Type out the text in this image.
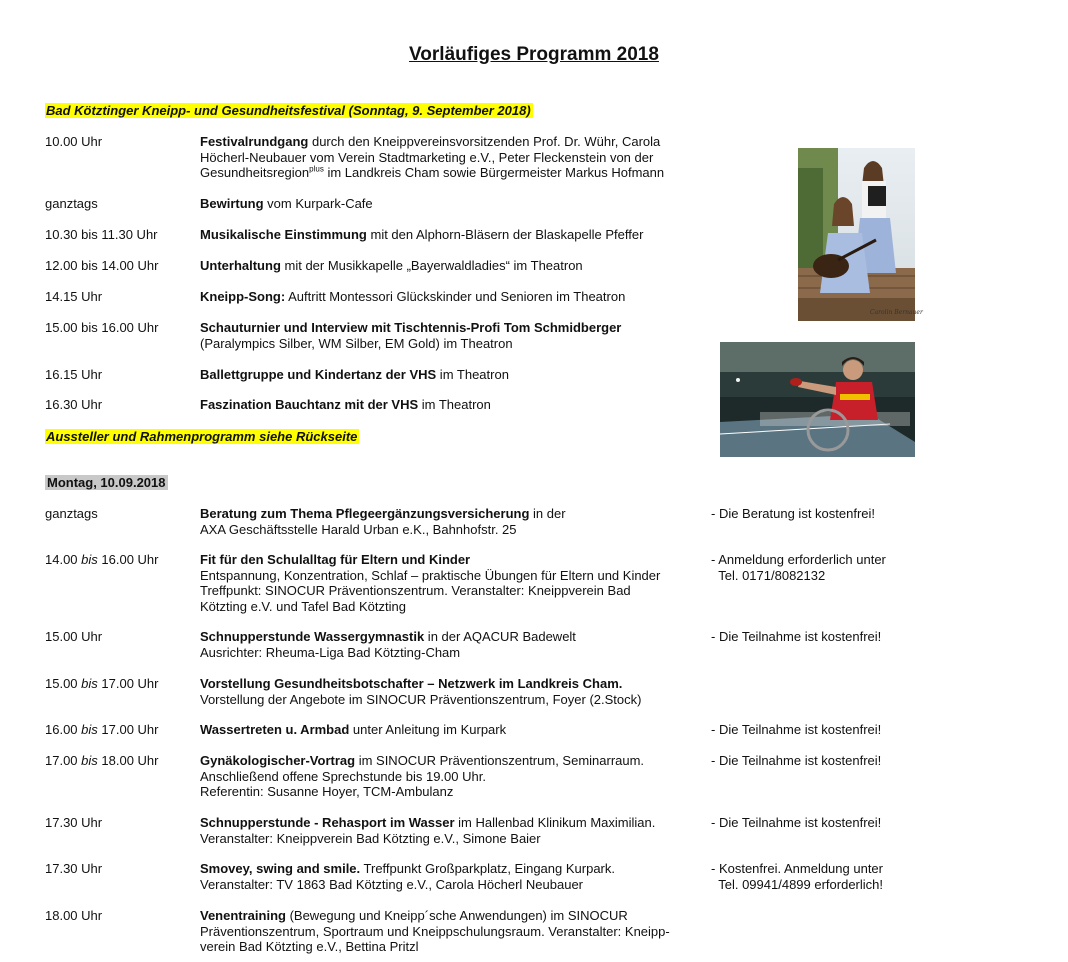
Vorläufiges Programm 2018
Bad Kötztinger Kneipp- und Gesundheitsfestival (Sonntag, 9. September 2018)
10.00 Uhr	Festivalrundgang durch den Kneippvereinsvorsitzenden Prof. Dr. Wühr, Carola Höcherl-Neubauer vom Verein Stadtmarketing e.V., Peter Fleckenstein von der Gesundheitsregion$^{plus}$ im Landkreis Cham sowie Bürgermeister Markus Hofmann
ganztags	Bewirtung vom Kurpark-Cafe
10.30 bis 11.30 Uhr	Musikalische Einstimmung mit den Alphorn-Bläsern der Blaskapelle Pfeffer
12.00 bis 14.00 Uhr	Unterhaltung mit der Musikkapelle „Bayerwaldladies“ im Theatron
14.15 Uhr	Kneipp-Song: Auftritt Montessori Glückskinder und Senioren im Theatron
15.00 bis 16.00 Uhr	Schauturnier und Interview mit Tischtennis-Profi Tom Schmidberger
(Paralympics Silber, WM Silber, EM Gold) im Theatron
16.15 Uhr	Ballettgruppe und Kindertanz der VHS im Theatron
16.30 Uhr	Faszination Bauchtanz mit der VHS im Theatron
Aussteller und Rahmenprogramm siehe Rückseite
Carolin Bernauer
Montag, 10.09.2018
ganztags	Beratung zum Thema Pflegeergänzungsversicherung in der
AXA Geschäftsstelle Harald Urban e.K., Bahnhofstr. 25
- Die Beratung ist kostenfrei!
14.00 bis 16.00 Uhr	Fit für den Schulalltag für Eltern und Kinder
Entspannung, Konzentration, Schlaf – praktische Übungen für Eltern und Kinder
Treffpunkt: SINOCUR Präventionszentrum. Veranstalter: Kneippverein Bad
Kötzting e.V. und Tafel Bad Kötzting
- Anmeldung erforderlich unter
Tel. 0171/8082132
15.00 Uhr	Schnupperstunde Wassergymnastik in der AQACUR Badewelt
Ausrichter: Rheuma-Liga Bad Kötzting-Cham
- Die Teilnahme ist kostenfrei!
15.00 bis 17.00 Uhr	Vorstellung Gesundheitsbotschafter – Netzwerk im Landkreis Cham.
Vorstellung der Angebote im SINOCUR Präventionszentrum, Foyer (2.Stock)
16.00 bis 17.00 Uhr	Wassertreten u. Armbad unter Anleitung im Kurpark	- Die Teilnahme ist kostenfrei!
17.00 bis 18.00 Uhr	Gynäkologischer-Vortrag im SINOCUR Präventionszentrum, Seminarraum.
Anschließend offene Sprechstunde bis 19.00 Uhr.
Referentin: Susanne Hoyer, TCM-Ambulanz
- Die Teilnahme ist kostenfrei!
17.30 Uhr	Schnupperstunde - Rehasport im Wasser im Hallenbad Klinikum Maximilian.
Veranstalter: Kneippverein Bad Kötzting e.V., Simone Baier
- Die Teilnahme ist kostenfrei!
17.30 Uhr	Smovey, swing and smile. Treffpunkt Großparkplatz, Eingang Kurpark.
Veranstalter: TV 1863 Bad Kötzting e.V., Carola Höcherl Neubauer
- Kostenfrei. Anmeldung unter
Tel. 09941/4899 erforderlich!
18.00 Uhr	Venentraining (Bewegung und Kneipp´sche Anwendungen) im SINOCUR
Präventionszentrum, Sportraum und Kneippschulungsraum. Veranstalter: Kneipp-
verein Bad Kötzting e.V., Bettina Pritzl
